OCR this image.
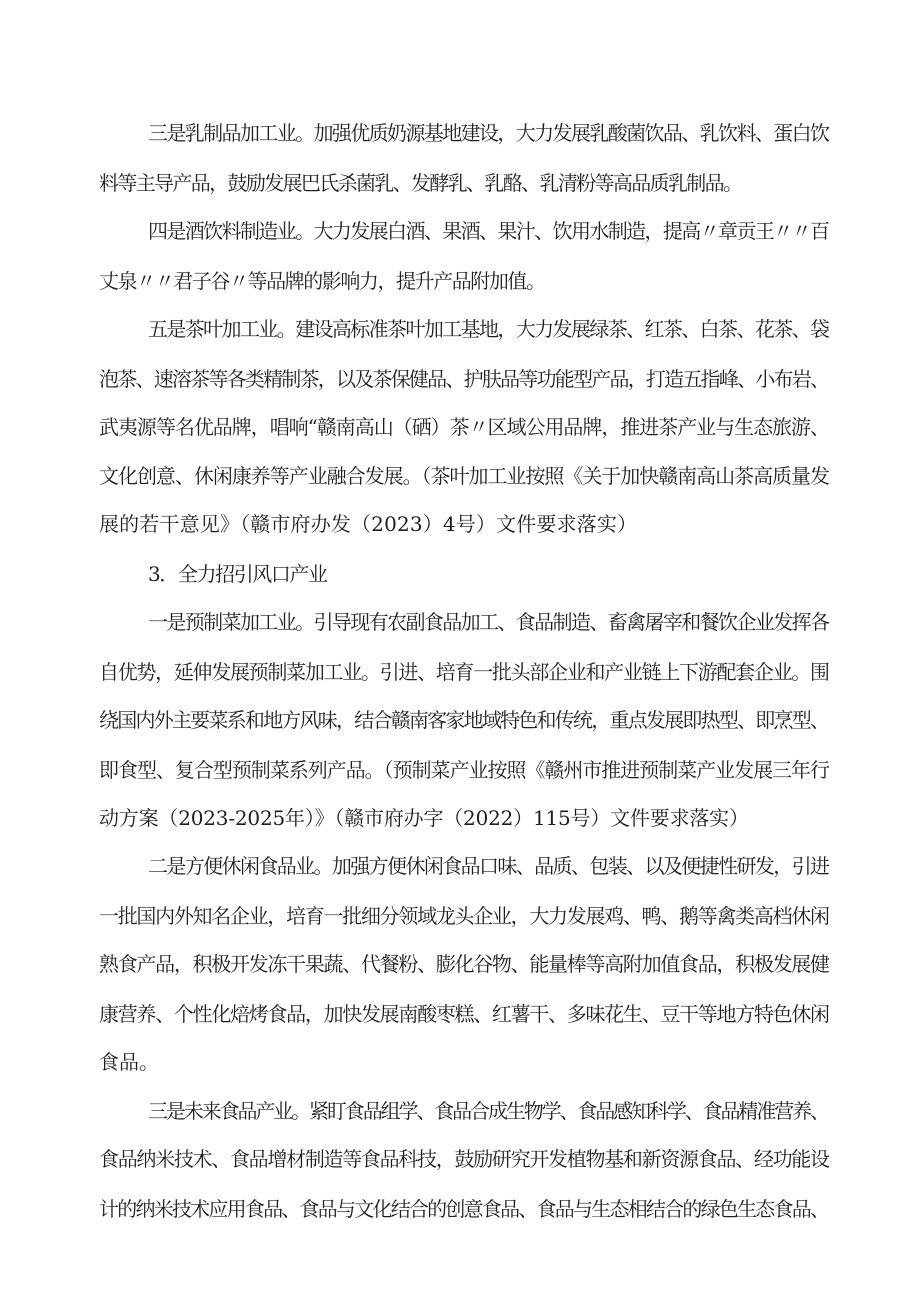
三是乳制品加工业。加强优质奶源基地建设，大力发展乳酸菌饮品、乳饮料、蛋白饮

料等主导产品，鼓励发展巴氏杀菌乳、发酵乳、乳酪、乳清粉等高品质乳制品。

四是酒饮料制造业。大力发展白酒、果酒、果汁、饮用水制造，提高〃章贡王〃〃百

丈泉〃〃君子谷〃等品牌的影响力，提升产品附加值。

五是茶叶加工业。建设高标准茶叶加工基地，大力发展绿茶、红茶、白茶、花茶、袋

泡茶、速溶茶等各类精制茶，以及茶保健品、护肤品等功能型产品，打造五指峰、小布岩、

武夷源等名优品牌，唱响“赣南高山（硒）茶〃区域公用品牌，推进茶产业与生态旅游、

文化创意、休闲康养等产业融合发展。（茶叶加工业按照《关于加快赣南高山茶高质量发

展的若干意见》（赣市府办发（2023）4号）文件要求落实）

3．全力招引风口产业

一是预制菜加工业。引导现有农副食品加工、食品制造、畜禽屠宰和餐饮企业发挥各

自优势，延伸发展预制菜加工业。引进、培育一批头部企业和产业链上下游配套企业。围

绕国内外主要菜系和地方风味，结合赣南客家地域特色和传统，重点发展即热型、即烹型、

即食型、复合型预制菜系列产品。（预制菜产业按照《赣州市推进预制菜产业发展三年行

动方案（2023-2025年）》（赣市府办字（2022）115号）文件要求落实）

二是方便休闲食品业。加强方便休闲食品口味、品质、包装、以及便捷性研发，引进

一批国内外知名企业，培育一批细分领域龙头企业，大力发展鸡、鸭、鹅等禽类高档休闲

熟食产品，积极开发冻干果蔬、代餐粉、膨化谷物、能量棒等高附加值食品，积极发展健

康营养、个性化焙烤食品，加快发展南酸枣糕、红薯干、多味花生、豆干等地方特色休闲

食品。

三是未来食品产业。紧盯食品组学、食品合成生物学、食品感知科学、食品精准营养、

食品纳米技术、食品增材制造等食品科技，鼓励研究开发植物基和新资源食品、经功能设

计的纳米技术应用食品、食品与文化结合的创意食品、食品与生态相结合的绿色生态食品、
